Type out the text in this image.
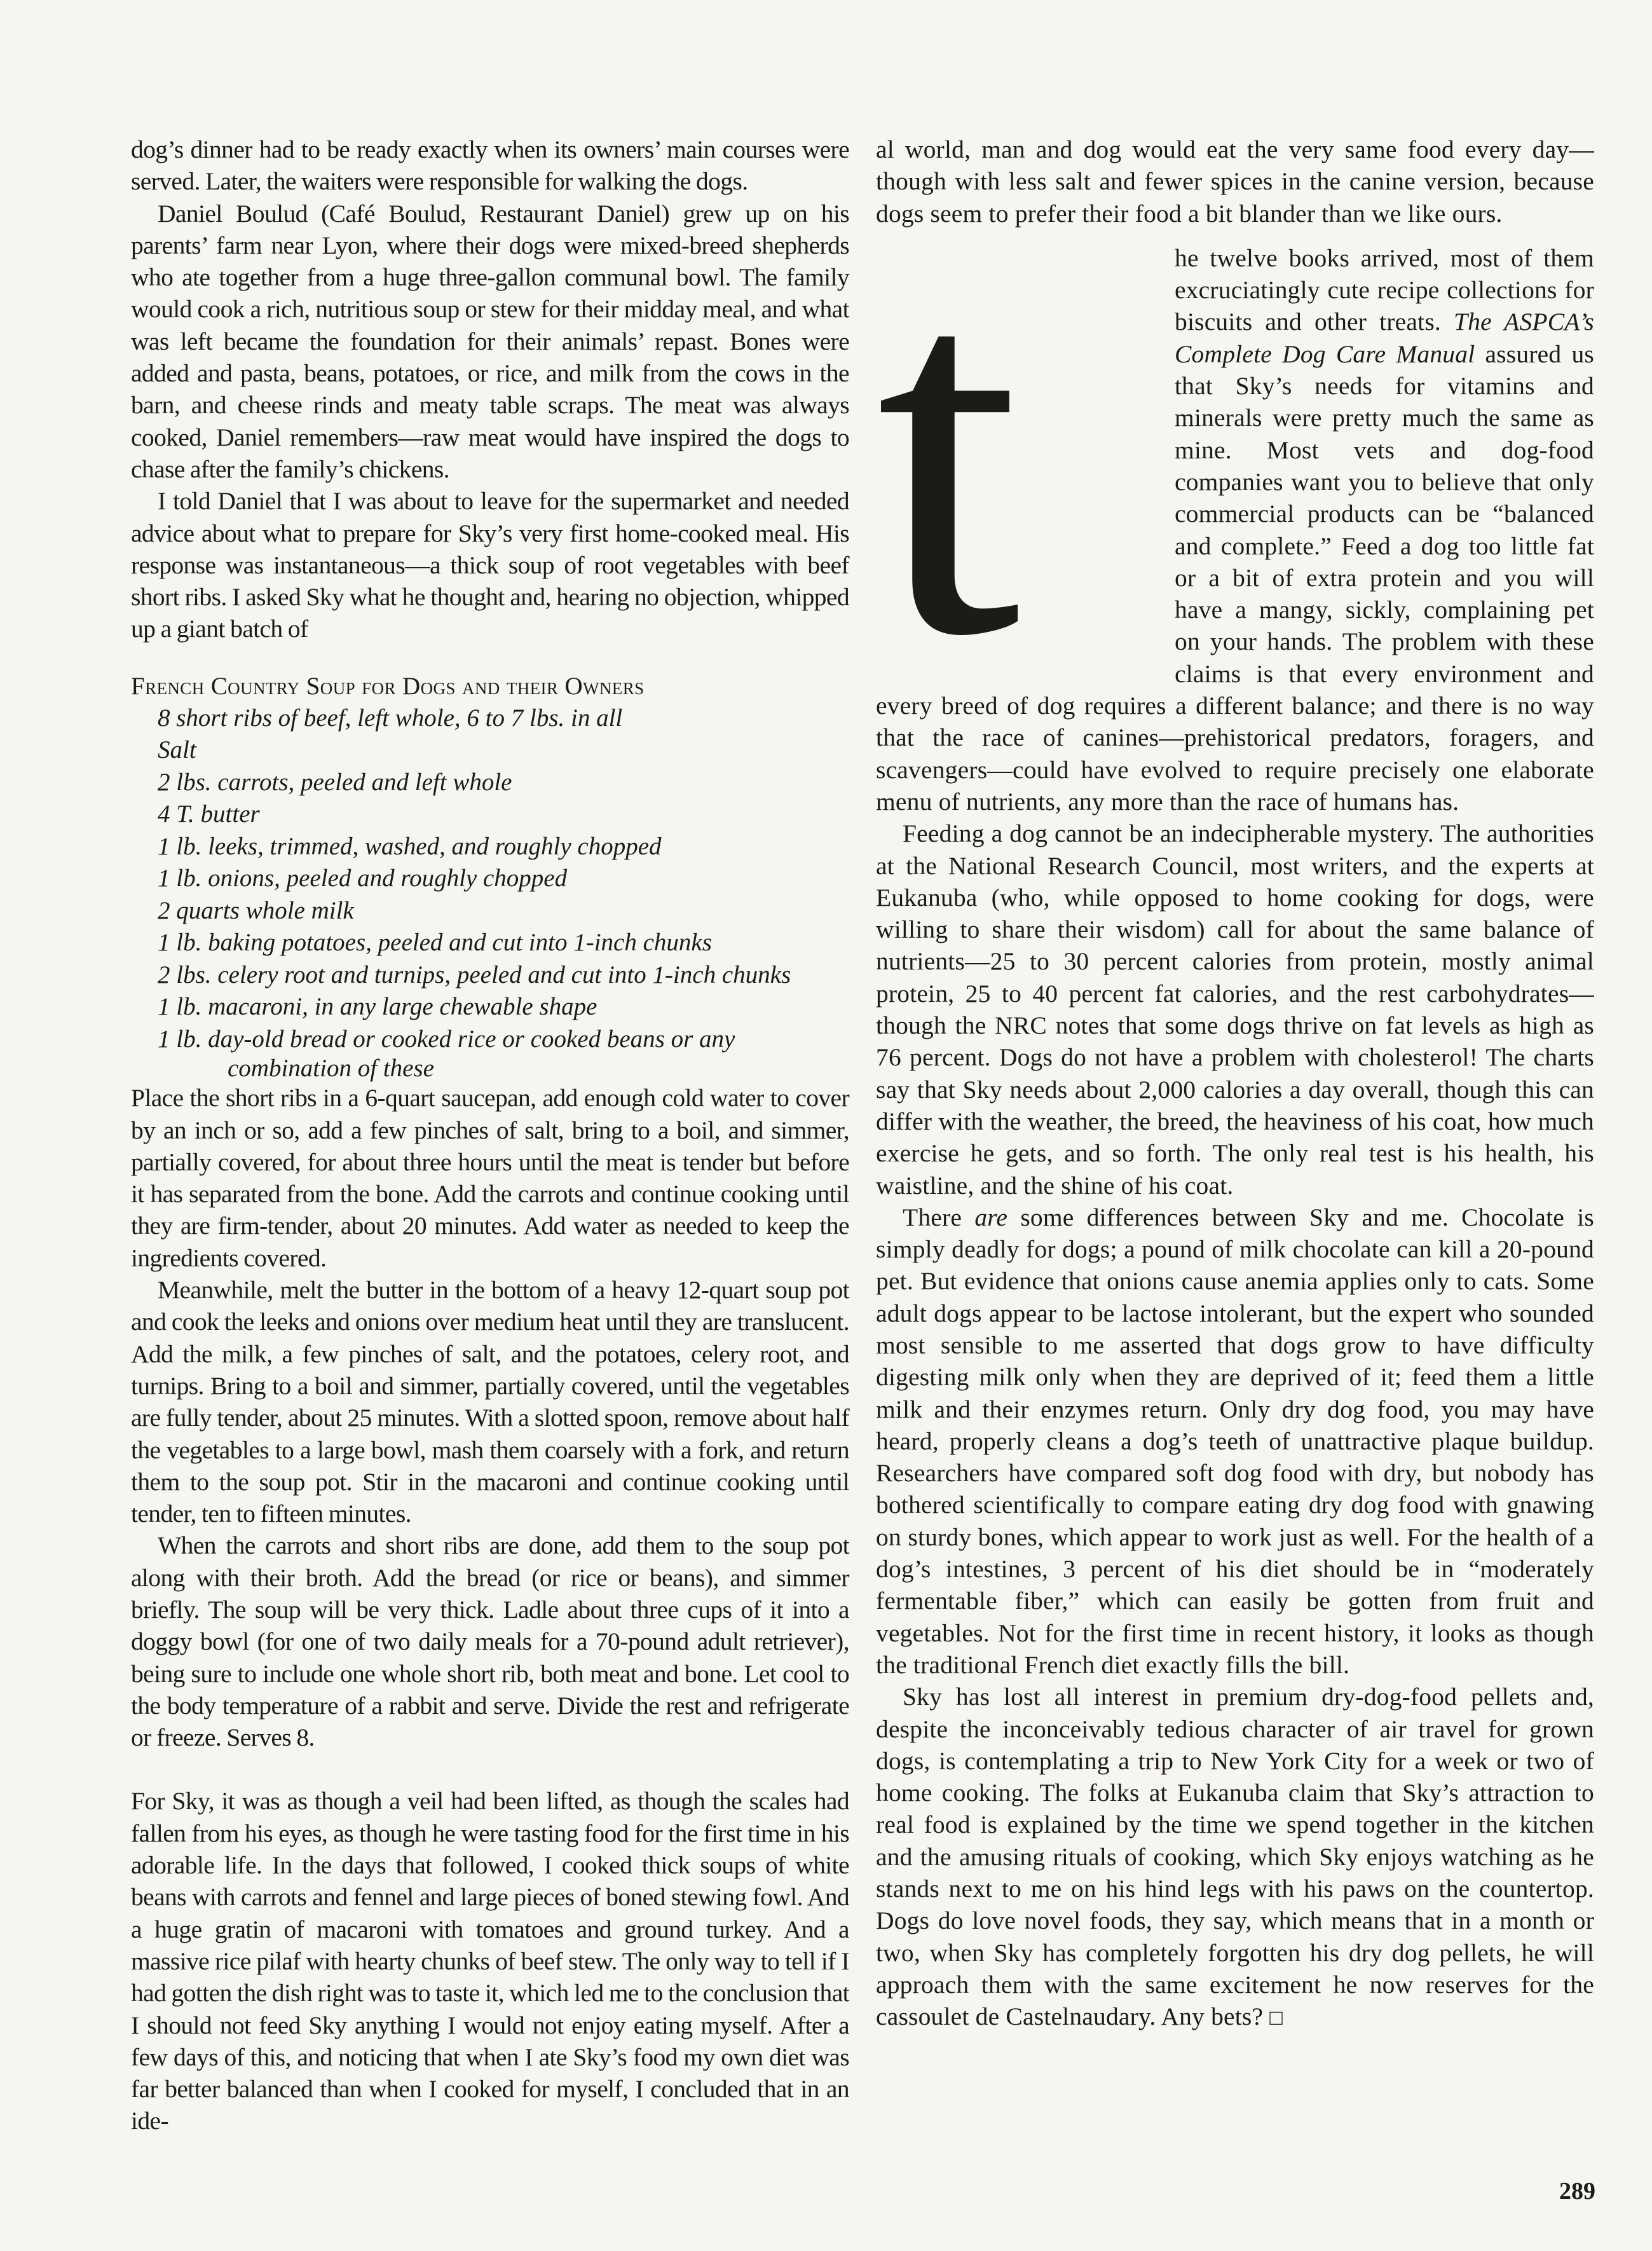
dog’s dinner had to be ready exactly when its owners’ main courses were served. Later, the waiters were responsible for walking the dogs.

Daniel Boulud (Café Boulud, Restaurant Daniel) grew up on his parents’ farm near Lyon, where their dogs were mixed-breed shepherds who ate together from a huge three-gallon communal bowl. The family would cook a rich, nutritious soup or stew for their midday meal, and what was left became the foundation for their animals’ repast. Bones were added and pasta, beans, potatoes, or rice, and milk from the cows in the barn, and cheese rinds and meaty table scraps. The meat was always cooked, Daniel remembers—raw meat would have inspired the dogs to chase after the family’s chickens.

I told Daniel that I was about to leave for the supermarket and needed advice about what to prepare for Sky’s very first home-cooked meal. His response was instantaneous—a thick soup of root vegetables with beef short ribs. I asked Sky what he thought and, hearing no objection, whipped up a giant batch of

French Country Soup for Dogs and their Owners
8 short ribs of beef, left whole, 6 to 7 lbs. in all
Salt
2 lbs. carrots, peeled and left whole
4 T. butter
1 lb. leeks, trimmed, washed, and roughly chopped
1 lb. onions, peeled and roughly chopped
2 quarts whole milk
1 lb. baking potatoes, peeled and cut into 1-inch chunks
2 lbs. celery root and turnips, peeled and cut into 1-inch chunks
1 lb. macaroni, in any large chewable shape
1 lb. day-old bread or cooked rice or cooked beans or any
combination of these

Place the short ribs in a 6-quart saucepan, add enough cold water to cover by an inch or so, add a few pinches of salt, bring to a boil, and simmer, partially covered, for about three hours until the meat is tender but before it has separated from the bone. Add the carrots and continue cooking until they are firm-tender, about 20 minutes. Add water as needed to keep the ingredients covered.

Meanwhile, melt the butter in the bottom of a heavy 12-quart soup pot and cook the leeks and onions over medium heat until they are translucent. Add the milk, a few pinches of salt, and the potatoes, celery root, and turnips. Bring to a boil and simmer, partially covered, until the vegetables are fully tender, about 25 minutes. With a slotted spoon, remove about half the vegetables to a large bowl, mash them coarsely with a fork, and return them to the soup pot. Stir in the macaroni and continue cooking until tender, ten to fifteen minutes.

When the carrots and short ribs are done, add them to the soup pot along with their broth. Add the bread (or rice or beans), and simmer briefly. The soup will be very thick. Ladle about three cups of it into a doggy bowl (for one of two daily meals for a 70-pound adult retriever), being sure to include one whole short rib, both meat and bone. Let cool to the body temperature of a rabbit and serve. Divide the rest and refrigerate or freeze. Serves 8.

For Sky, it was as though a veil had been lifted, as though the scales had fallen from his eyes, as though he were tasting food for the first time in his adorable life. In the days that followed, I cooked thick soups of white beans with carrots and fennel and large pieces of boned stewing fowl. And a huge gratin of macaroni with tomatoes and ground turkey. And a massive rice pilaf with hearty chunks of beef stew. The only way to tell if I had gotten the dish right was to taste it, which led me to the conclusion that I should not feed Sky anything I would not enjoy eating myself. After a few days of this, and noticing that when I ate Sky’s food my own diet was far better balanced than when I cooked for myself, I concluded that in an ide-

al world, man and dog would eat the very same food every day—though with less salt and fewer spices in the canine version, because dogs seem to prefer their food a bit blander than we like ours.

t	he twelve books arrived, most of them excruciatingly cute recipe collections for biscuits and other treats. The ASPCA’s Complete Dog Care Manual assured us that Sky’s needs for vitamins and minerals were pretty much the same as mine. Most vets and dog-food companies want you to believe that only commercial products can be “balanced and complete.” Feed a dog too little fat or a bit of extra protein and you will have a mangy, sickly, complaining pet on your hands. The problem with these claims is that every environment and every breed of dog requires a different balance; and there is no way that the race of canines—prehistorical predators, foragers, and scavengers—could have evolved to require precisely one elaborate menu of nutrients, any more than the race of humans has.

Feeding a dog cannot be an indecipherable mystery. The authorities at the National Research Council, most writers, and the experts at Eukanuba (who, while opposed to home cooking for dogs, were willing to share their wisdom) call for about the same balance of nutrients—25 to 30 percent calories from protein, mostly animal protein, 25 to 40 percent fat calories, and the rest carbohydrates—though the NRC notes that some dogs thrive on fat levels as high as 76 percent. Dogs do not have a problem with cholesterol! The charts say that Sky needs about 2,000 calories a day overall, though this can differ with the weather, the breed, the heaviness of his coat, how much exercise he gets, and so forth. The only real test is his health, his waistline, and the shine of his coat.

There are some differences between Sky and me. Chocolate is simply deadly for dogs; a pound of milk chocolate can kill a 20-pound pet. But evidence that onions cause anemia applies only to cats. Some adult dogs appear to be lactose intolerant, but the expert who sounded most sensible to me asserted that dogs grow to have difficulty digesting milk only when they are deprived of it; feed them a little milk and their enzymes return. Only dry dog food, you may have heard, properly cleans a dog’s teeth of unattractive plaque buildup. Researchers have compared soft dog food with dry, but nobody has bothered scientifically to compare eating dry dog food with gnawing on sturdy bones, which appear to work just as well. For the health of a dog’s intestines, 3 percent of his diet should be in “moderately fermentable fiber,” which can easily be gotten from fruit and vegetables. Not for the first time in recent history, it looks as though the traditional French diet exactly fills the bill.

Sky has lost all interest in premium dry-dog-food pellets and, despite the inconceivably tedious character of air travel for grown dogs, is contemplating a trip to New York City for a week or two of home cooking. The folks at Eukanuba claim that Sky’s attraction to real food is explained by the time we spend together in the kitchen and the amusing rituals of cooking, which Sky enjoys watching as he stands next to me on his hind legs with his paws on the countertop. Dogs do love novel foods, they say, which means that in a month or two, when Sky has completely forgotten his dry dog pellets, he will approach them with the same excitement he now reserves for the cassoulet de Castelnaudary. Any bets? □

289
